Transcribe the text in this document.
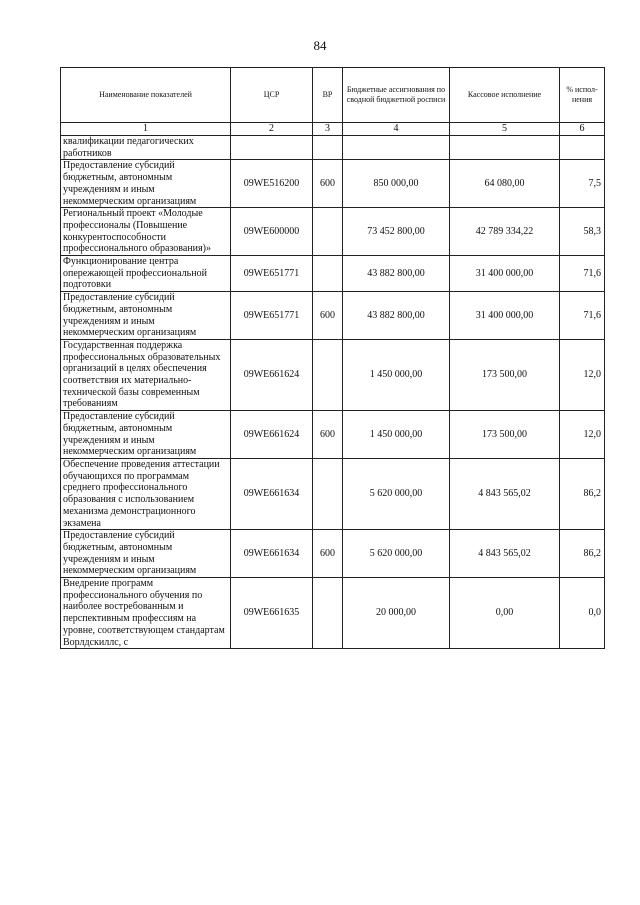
84
Наименование показателей	ЦСР	ВР	Бюджетные ассигнования по сводной бюджетной росписи	Кассовое исполнение	% испол-нения
1	2	3	4	5	6
квалификации педагогических работников					
Предоставление субсидий бюджетным, автономным учреждениям и иным некоммерческим организациям	09WE516200	600	850 000,00	64 080,00	7,5
Региональный проект «Молодые профессионалы (Повышение конкурентоспособности профессионального образования)»	09WE600000		73 452 800,00	42 789 334,22	58,3
Функционирование центра опережающей профессиональной подготовки	09WE651771		43 882 800,00	31 400 000,00	71,6
Предоставление субсидий бюджетным, автономным учреждениям и иным некоммерческим организациям	09WE651771	600	43 882 800,00	31 400 000,00	71,6
Государственная поддержка профессиональных образовательных организаций в целях обеспечения соответствия их материально-технической базы современным требованиям	09WE661624		1 450 000,00	173 500,00	12,0
Предоставление субсидий бюджетным, автономным учреждениям и иным некоммерческим организациям	09WE661624	600	1 450 000,00	173 500,00	12,0
Обеспечение проведения аттестации обучающихся по программам среднего профессионального образования с использованием механизма демонстрационного экзамена	09WE661634		5 620 000,00	4 843 565,02	86,2
Предоставление субсидий бюджетным, автономным учреждениям и иным некоммерческим организациям	09WE661634	600	5 620 000,00	4 843 565,02	86,2
Внедрение программ профессионального обучения по наиболее востребованным и перспективным профессиям на уровне, соответствующем стандартам Ворлдскиллс, с	09WE661635		20 000,00	0,00	0,0
